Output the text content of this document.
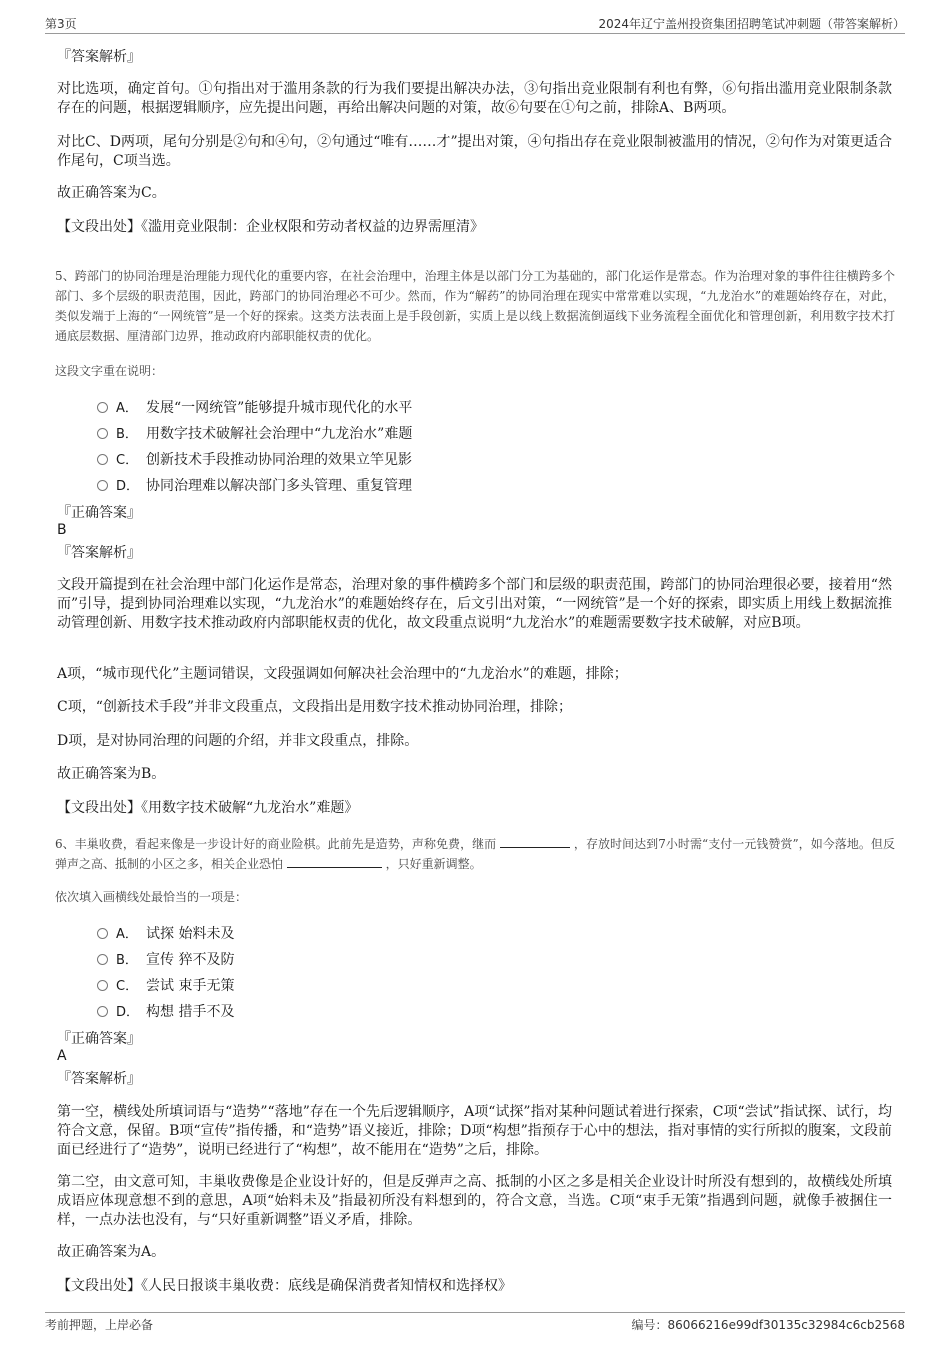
第3页	2024年辽宁盖州投资集团招聘笔试冲刺题（带答案解析）
『答案解析』
对比选项，确定首句。①句指出对于滥用条款的行为我们要提出解决办法，③句指出竞业限制有利也有弊，⑥句指出滥用竞业限制条款存在的问题，根据逻辑顺序，应先提出问题，再给出解决问题的对策，故⑥句要在①句之前，排除A、B两项。
对比C、D两项，尾句分别是②句和④句，②句通过“唯有……才”提出对策，④句指出存在竞业限制被滥用的情况，②句作为对策更适合作尾句，C项当选。
故正确答案为C。
【文段出处】《滥用竞业限制：企业权限和劳动者权益的边界需厘清》
5、跨部门的协同治理是治理能力现代化的重要内容，在社会治理中，治理主体是以部门分工为基础的，部门化运作是常态。作为治理对象的事件往往横跨多个部门、多个层级的职责范围，因此，跨部门的协同治理必不可少。然而，作为“解药”的协同治理在现实中常常难以实现，“九龙治水”的难题始终存在，对此，类似发端于上海的“一网统管”是一个好的探索。这类方法表面上是手段创新，实质上是以线上数据流倒逼线下业务流程全面优化和管理创新，利用数字技术打通底层数据、厘清部门边界，推动政府内部职能权责的优化。
这段文字重在说明：
A． 发展“一网统管”能够提升城市现代化的水平
B． 用数字技术破解社会治理中“九龙治水”难题
C． 创新技术手段推动协同治理的效果立竿见影
D． 协同治理难以解决部门多头管理、重复管理
『正确答案』
B
『答案解析』
文段开篇提到在社会治理中部门化运作是常态，治理对象的事件横跨多个部门和层级的职责范围，跨部门的协同治理很必要，接着用“然而”引导，提到协同治理难以实现，“九龙治水”的难题始终存在，后文引出对策，“一网统管”是一个好的探索，即实质上用线上数据流推动管理创新、用数字技术推动政府内部职能权责的优化，故文段重点说明“九龙治水”的难题需要数字技术破解，对应B项。
A项，“城市现代化”主题词错误，文段强调如何解决社会治理中的“九龙治水”的难题，排除；
C项，“创新技术手段”并非文段重点，文段指出是用数字技术推动协同治理，排除；
D项，是对协同治理的问题的介绍，并非文段重点，排除。
故正确答案为B。
【文段出处】《用数字技术破解“九龙治水”难题》
6、丰巢收费，看起来像是一步设计好的商业险棋。此前先是造势，声称免费，继而	，存放时间达到7小时需“支付一元钱赞赏”，如今落地。但反弹声之高、抵制的小区之多，相关企业恐怕	，只好重新调整。
依次填入画横线处最恰当的一项是：
A． 试探 始料未及
B． 宣传 猝不及防
C． 尝试 束手无策
D． 构想 措手不及
『正确答案』
A
『答案解析』
第一空，横线处所填词语与“造势”“落地”存在一个先后逻辑顺序，A项“试探”指对某种问题试着进行探索，C项“尝试”指试探、试行，均符合文意，保留。B项“宣传”指传播，和“造势”语义接近，排除；D项“构想”指预存于心中的想法，指对事情的实行所拟的腹案，文段前面已经进行了“造势”，说明已经进行了“构想”，故不能用在“造势”之后，排除。
第二空，由文意可知，丰巢收费像是企业设计好的，但是反弹声之高、抵制的小区之多是相关企业设计时所没有想到的，故横线处所填成语应体现意想不到的意思，A项“始料未及”指最初所没有料想到的，符合文意，当选。C项“束手无策”指遇到问题，就像手被捆住一样，一点办法也没有，与“只好重新调整”语义矛盾，排除。
故正确答案为A。
【文段出处】《人民日报谈丰巢收费：底线是确保消费者知情权和选择权》
考前押题，上岸必备	编号：86066216e99df30135c32984c6cb2568
